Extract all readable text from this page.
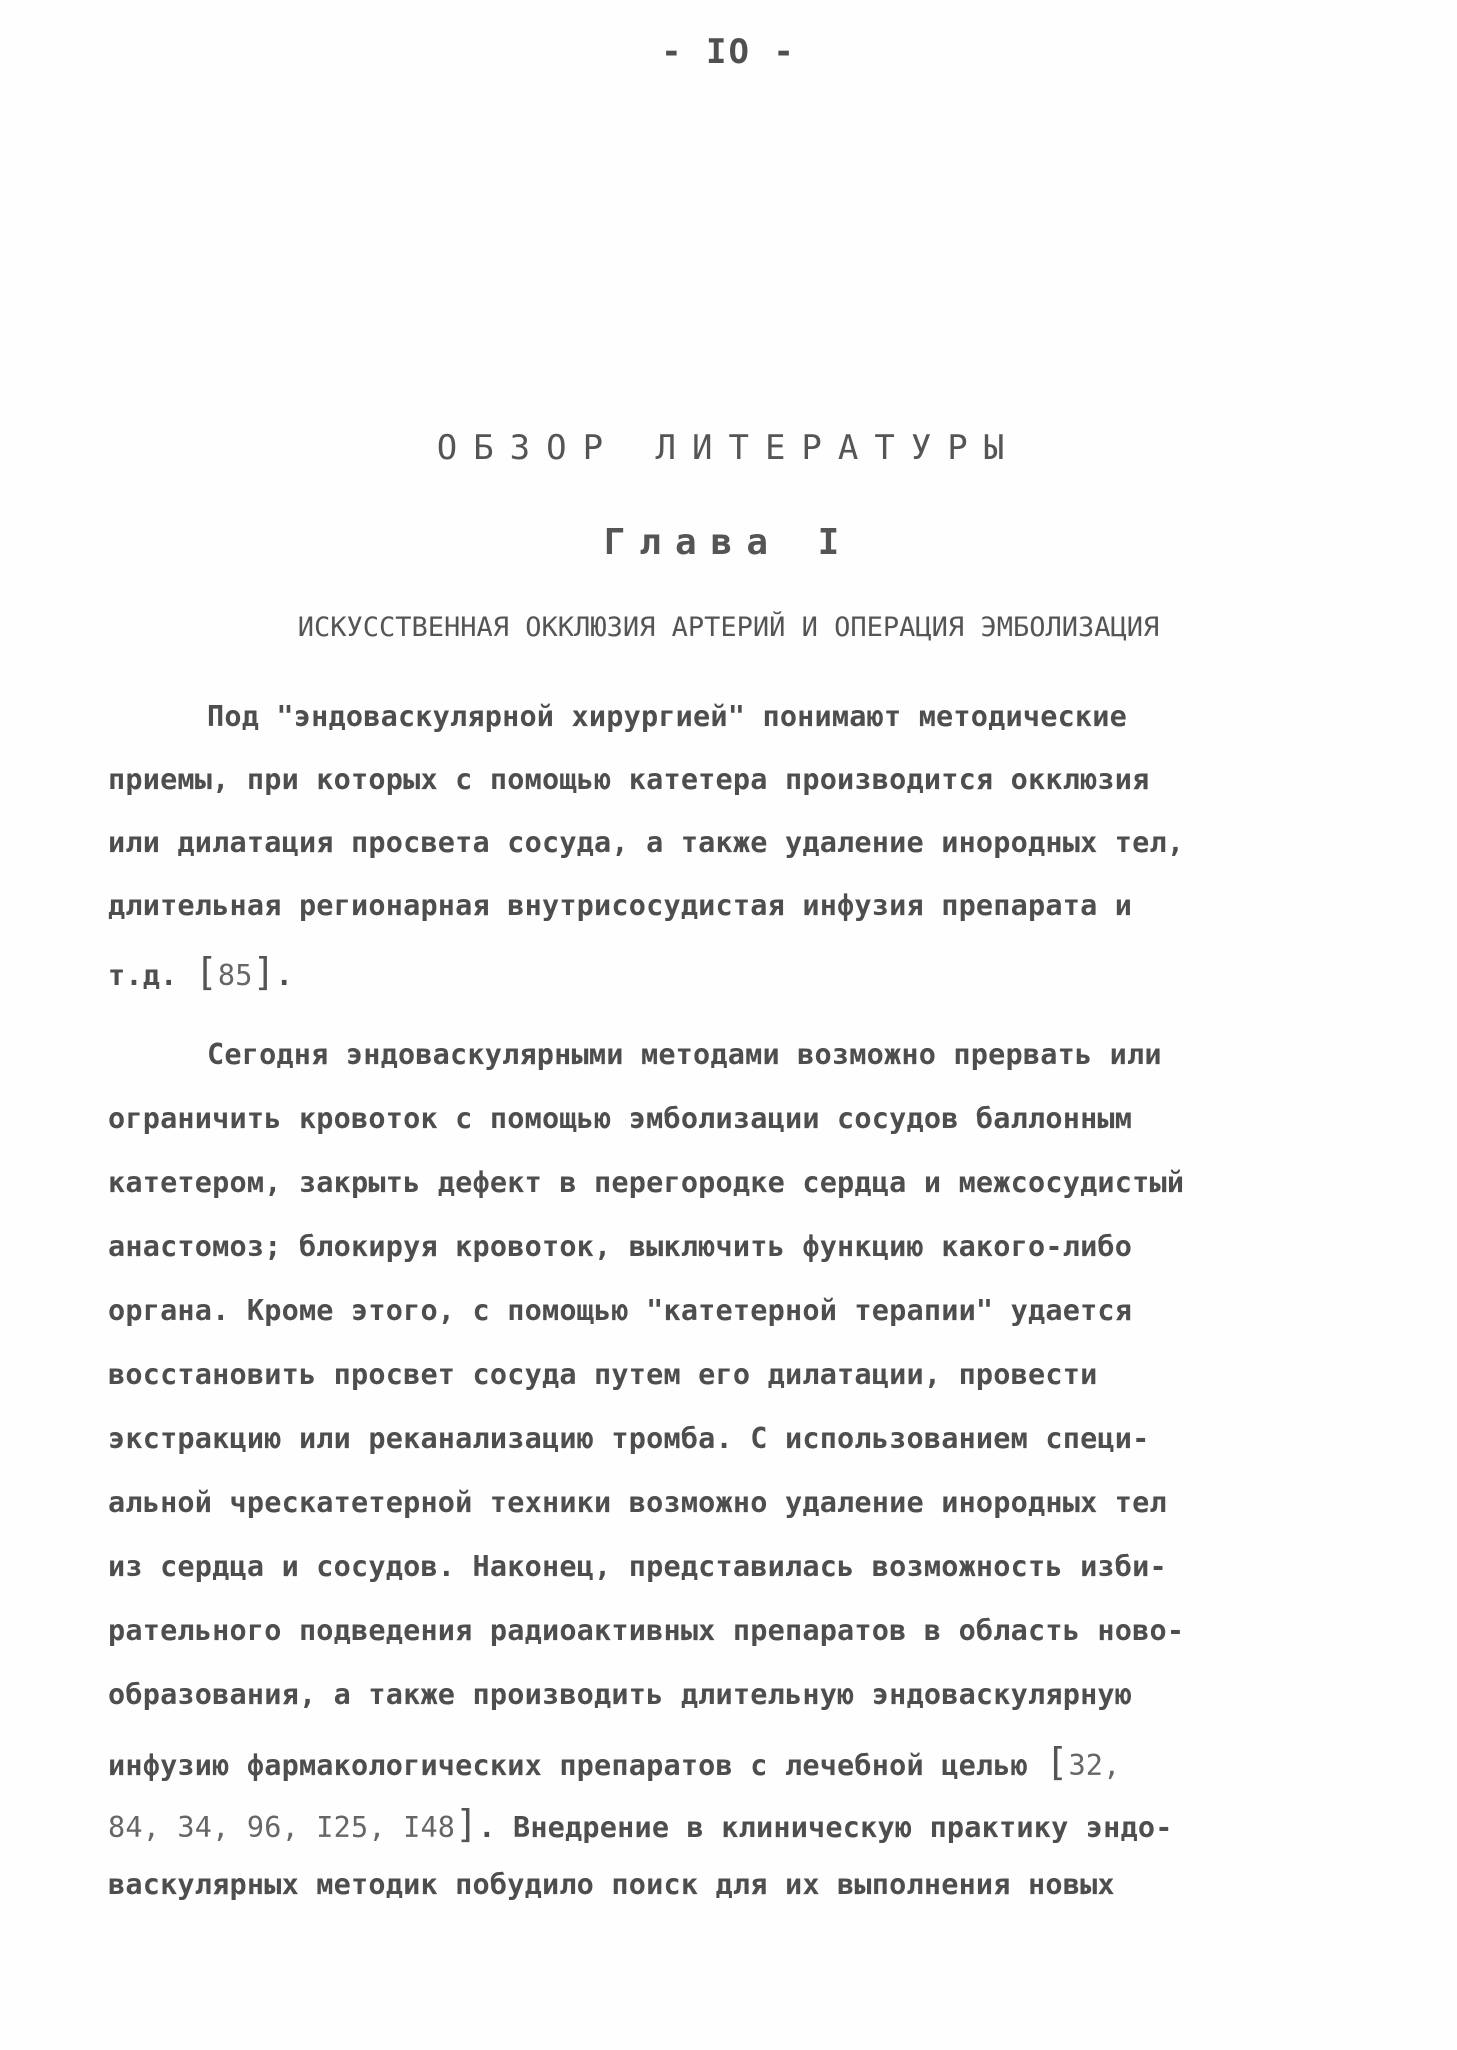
- IO -
ОБЗОР ЛИТЕРАТУРЫ
Глава I
ИСКУССТВЕННАЯ ОККЛЮЗИЯ АРТЕРИЙ И ОПЕРАЦИЯ ЭМБОЛИЗАЦИЯ
Под "эндоваскулярной хирургией" понимают методические
приемы, при которых с помощью катетера производится окклюзия
или дилатация просвета сосуда, а также удаление инородных тел,
длительная регионарная внутрисосудистая инфузия препарата и
т.д. [85].
Сегодня эндоваскулярными методами возможно прервать или
ограничить кровоток с помощью эмболизации сосудов баллонным
катетером, закрыть дефект в перегородке сердца и межсосудистый
анастомоз; блокируя кровоток, выключить функцию какого-либо
органа. Кроме этого, с помощью "катетерной терапии" удается
восстановить просвет сосуда путем его дилатации, провести
экстракцию или реканализацию тромба. С использованием специ-
альной чрескатетерной техники возможно удаление инородных тел
из сердца и сосудов. Наконец, представилась возможность изби-
рательного подведения радиоактивных препаратов в область ново-
образования, а также производить длительную эндоваскулярную
инфузию фармакологических препаратов с лечебной целью [32,
84, 34, 96, I25, I48]. Внедрение в клиническую практику эндо-
васкулярных методик побудило поиск для их выполнения новых
